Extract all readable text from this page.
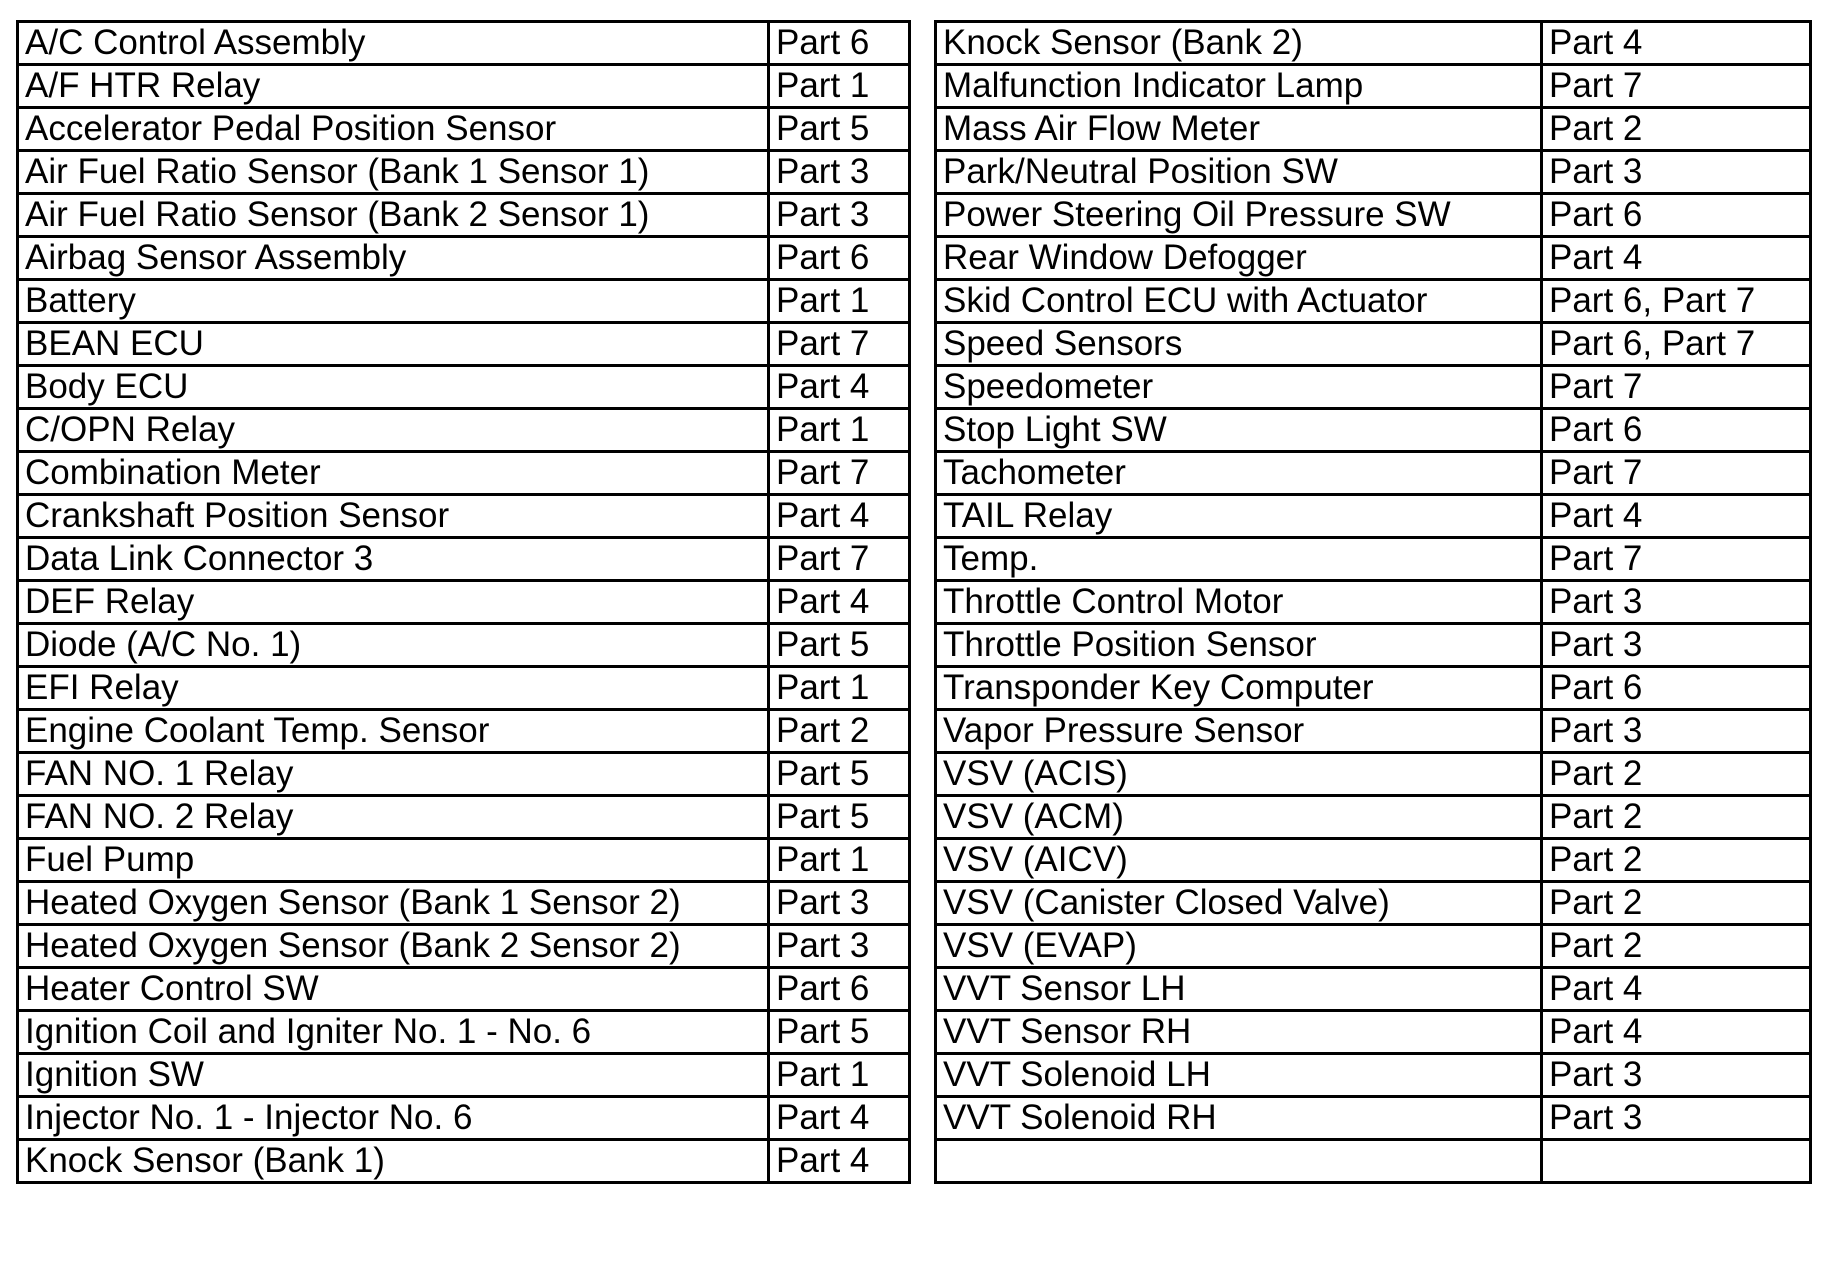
A/C Control Assembly	Part 6
A/F HTR Relay	Part 1
Accelerator Pedal Position Sensor	Part 5
Air Fuel Ratio Sensor (Bank 1 Sensor 1)	Part 3
Air Fuel Ratio Sensor (Bank 2 Sensor 1)	Part 3
Airbag Sensor Assembly	Part 6
Battery	Part 1
BEAN ECU	Part 7
Body ECU	Part 4
C/OPN Relay	Part 1
Combination Meter	Part 7
Crankshaft Position Sensor	Part 4
Data Link Connector 3	Part 7
DEF Relay	Part 4
Diode (A/C No. 1)	Part 5
EFI Relay	Part 1
Engine Coolant Temp. Sensor	Part 2
FAN NO. 1 Relay	Part 5
FAN NO. 2 Relay	Part 5
Fuel Pump	Part 1
Heated Oxygen Sensor (Bank 1 Sensor 2)	Part 3
Heated Oxygen Sensor (Bank 2 Sensor 2)	Part 3
Heater Control SW	Part 6
Ignition Coil and Igniter No. 1 - No. 6	Part 5
Ignition SW	Part 1
Injector No. 1 - Injector No. 6	Part 4
Knock Sensor (Bank 1)	Part 4
Knock Sensor (Bank 2)	Part 4
Malfunction Indicator Lamp	Part 7
Mass Air Flow Meter	Part 2
Park/Neutral Position SW	Part 3
Power Steering Oil Pressure SW	Part 6
Rear Window Defogger	Part 4
Skid Control ECU with Actuator	Part 6, Part 7
Speed Sensors	Part 6, Part 7
Speedometer	Part 7
Stop Light SW	Part 6
Tachometer	Part 7
TAIL Relay	Part 4
Temp.	Part 7
Throttle Control Motor	Part 3
Throttle Position Sensor	Part 3
Transponder Key Computer	Part 6
Vapor Pressure Sensor	Part 3
VSV (ACIS)	Part 2
VSV (ACM)	Part 2
VSV (AICV)	Part 2
VSV (Canister Closed Valve)	Part 2
VSV (EVAP)	Part 2
VVT Sensor LH	Part 4
VVT Sensor RH	Part 4
VVT Solenoid LH	Part 3
VVT Solenoid RH	Part 3
